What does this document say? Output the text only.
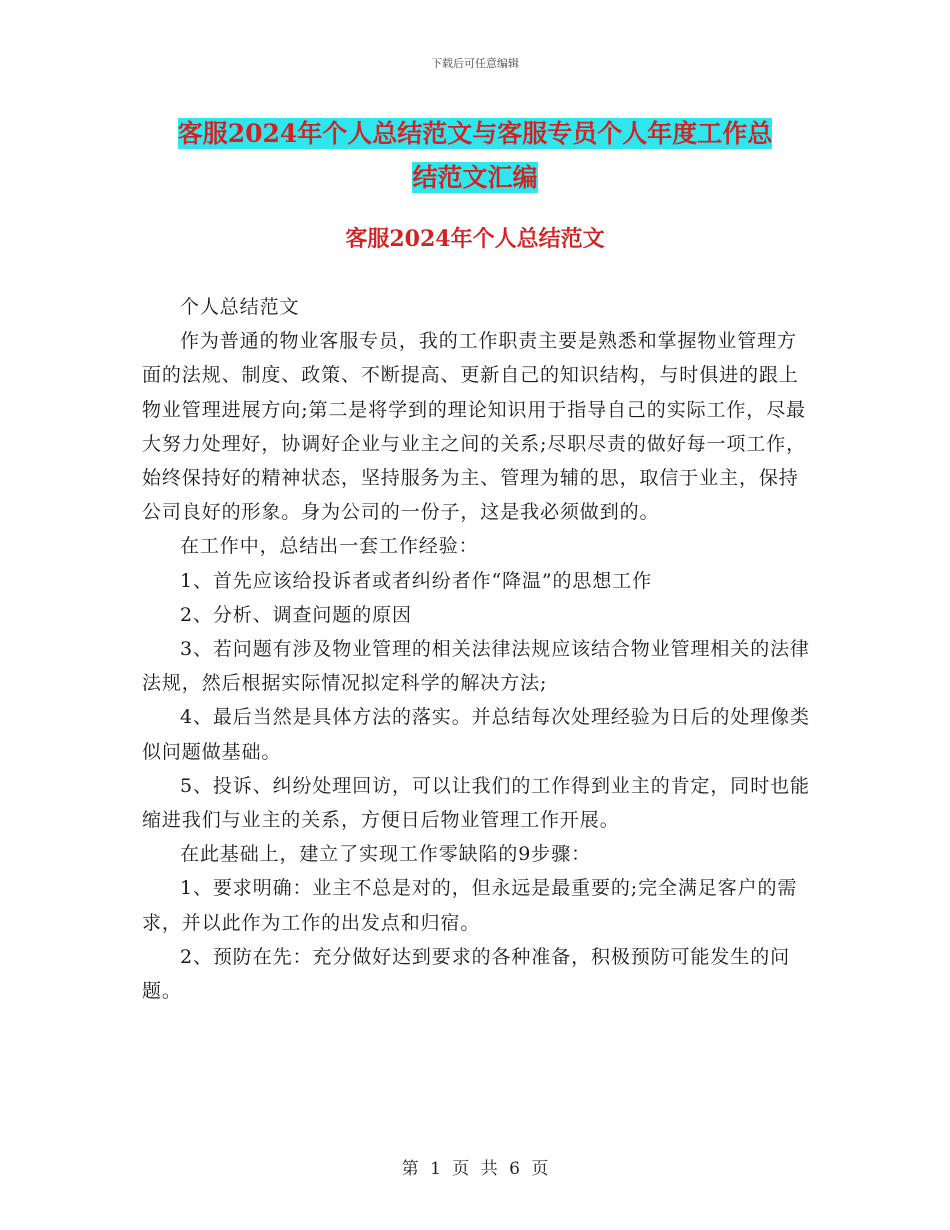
下载后可任意编辑
客服2024年个人总结范文与客服专员个人年度工作总
结范文汇编
客服2024年个人总结范文

个人总结范文

作为普通的物业客服专员，我的工作职责主要是熟悉和掌握物业管理方面的法规、制度、政策、不断提高、更新自己的知识结构，与时俱进的跟上物业管理进展方向;第二是将学到的理论知识用于指导自己的实际工作，尽最大努力处理好，协调好企业与业主之间的关系;尽职尽责的做好每一项工作，始终保持好的精神状态，坚持服务为主、管理为辅的思，取信于业主，保持公司良好的形象。身为公司的一份子，这是我必须做到的。

在工作中，总结出一套工作经验：

1、首先应该给投诉者或者纠纷者作“降温”的思想工作

2、分析、调查问题的原因

3、若问题有涉及物业管理的相关法律法规应该结合物业管理相关的法律法规，然后根据实际情况拟定科学的解决方法;

4、最后当然是具体方法的落实。并总结每次处理经验为日后的处理像类似问题做基础。

5、投诉、纠纷处理回访，可以让我们的工作得到业主的肯定，同时也能缩进我们与业主的关系，方便日后物业管理工作开展。

在此基础上，建立了实现工作零缺陷的9步骤：

1、要求明确：业主不总是对的，但永远是最重要的;完全满足客户的需求，并以此作为工作的出发点和归宿。

2、预防在先：充分做好达到要求的各种准备，积极预防可能发生的问题。

第 1 页 共 6 页
